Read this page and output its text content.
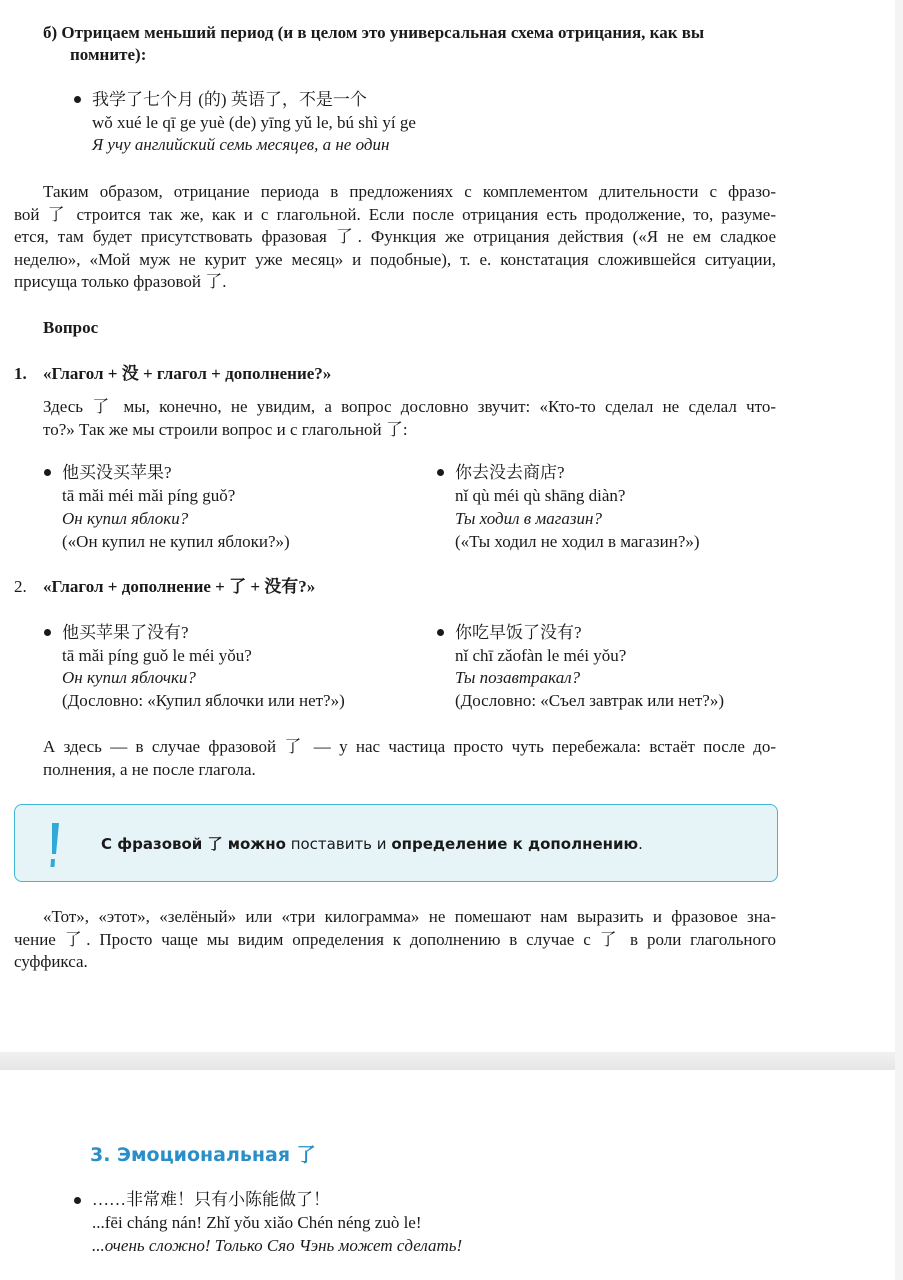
б) Отрицаем меньший период (и в целом это универсальная схема отрицания, как вы
помните):
我学了七个月 (的) 英语了，不是一个
wǒ xué le qī ge yuè (de) yīng yǔ le, bú shì yí ge
Я учу английский семь месяцев, а не один
Таким образом, отрицание периода в предложениях с комплементом длительности с фразо-
вой 了 строится так же, как и с глагольной. Если после отрицания есть продолжение, то, разуме-
ется, там будет присутствовать фразовая 了. Функция же отрицания действия («Я не ем сладкое
неделю», «Мой муж не курит уже месяц» и подобные), т. е. констатация сложившейся ситуации,
присуща только фразовой 了.
Вопрос
1. «Глагол + 没 + глагол + дополнение?»
Здесь 了 мы, конечно, не увидим, а вопрос дословно звучит: «Кто-то сделал не сделал что-
то?» Так же мы строили вопрос и с глагольной 了:
他买没买苹果?
tā mǎi méi mǎi píng guǒ?
Он купил яблоки?
(«Он купил не купил яблоки?»)
你去没去商店?
nǐ qù méi qù shāng diàn?
Ты ходил в магазин?
(«Ты ходил не ходил в магазин?»)
2. «Глагол + дополнение + 了 + 没有?»
他买苹果了没有?
tā mǎi píng guǒ le méi yǒu?
Он купил яблочки?
(Дословно: «Купил яблочки или нет?»)
你吃早饭了没有?
nǐ chī zǎofàn le méi yǒu?
Ты позавтракал?
(Дословно: «Съел завтрак или нет?»)
А здесь — в случае фразовой 了 — у нас частица просто чуть перебежала: встаёт после до-
полнения, а не после глагола.
С фразовой 了 можно поставить и определение к дополнению.
«Тот», «этот», «зелёный» или «три килограмма» не помешают нам выразить и фразовое зна-
чение 了. Просто чаще мы видим определения к дополнению в случае с 了 в роли глагольного
суффикса.
3. Эмоциональная 了
……非常难！只有小陈能做了！
...fēi cháng nán! Zhǐ yǒu xiǎo Chén néng zuò le!
...очень сложно! Только Сяо Чэнь может сделать!
